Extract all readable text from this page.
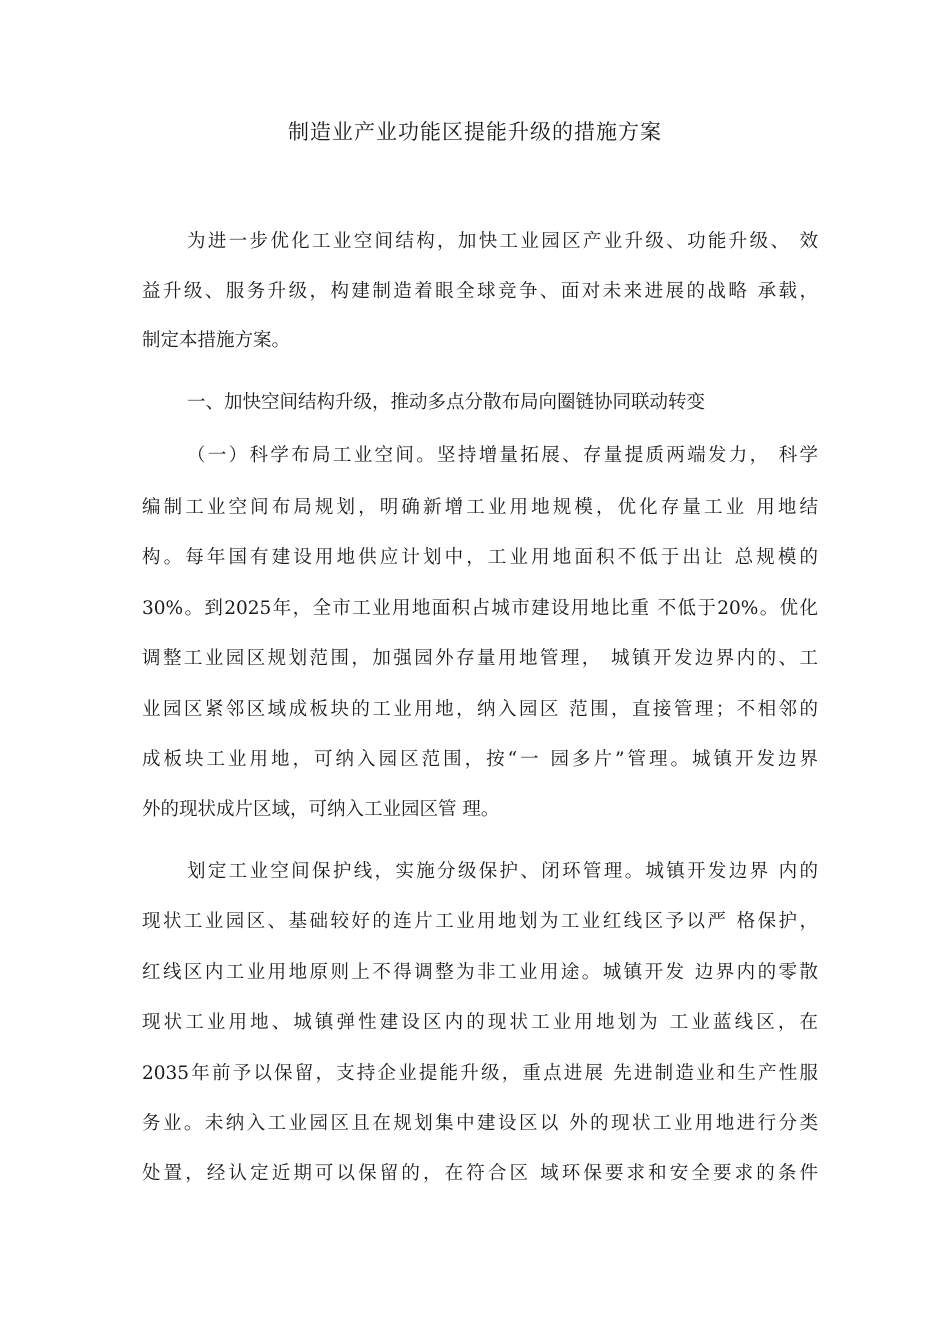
制造业产业功能区提能升级的措施方案

为进一步优化工业空间结构，加快工业园区产业升级、功能升级、 效

益升级、服务升级，构建制造着眼全球竞争、面对未来进展的战略 承载，

制定本措施方案。

一、加快空间结构升级，推动多点分散布局向圈链协同联动转变

（一）科学布局工业空间。坚持增量拓展、存量提质两端发力， 科学

编制工业空间布局规划，明确新增工业用地规模，优化存量工业 用地结

构。每年国有建设用地供应计划中，工业用地面积不低于出让 总规模的

30%。到2025年，全市工业用地面积占城市建设用地比重 不低于20%。优化

调整工业园区规划范围，加强园外存量用地管理， 城镇开发边界内的、工

业园区紧邻区域成板块的工业用地，纳入园区 范围，直接管理；不相邻的

成板块工业用地，可纳入园区范围，按“一 园多片”管理。城镇开发边界

外的现状成片区域，可纳入工业园区管 理。

划定工业空间保护线，实施分级保护、闭环管理。城镇开发边界 内的

现状工业园区、基础较好的连片工业用地划为工业红线区予以严 格保护，

红线区内工业用地原则上不得调整为非工业用途。城镇开发 边界内的零散

现状工业用地、城镇弹性建设区内的现状工业用地划为 工业蓝线区，在

2035年前予以保留，支持企业提能升级，重点进展 先进制造业和生产性服

务业。未纳入工业园区且在规划集中建设区以 外的现状工业用地进行分类

处置，经认定近期可以保留的，在符合区 域环保要求和安全要求的条件
